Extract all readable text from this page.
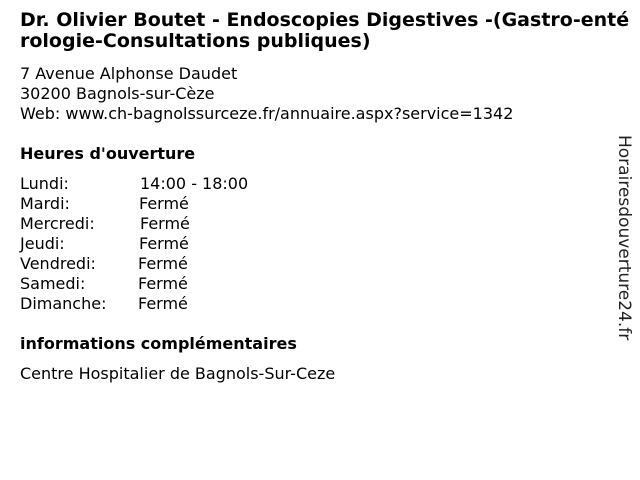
Dr. Olivier Boutet - Endoscopies Digestives -(Gastro-entérologie-Consultations publiques)
7 Avenue Alphonse Daudet
30200 Bagnols-sur-Cèze
Web: www.ch-bagnolssurceze.fr/annuaire.aspx?service=1342
Heures d'ouverture
Lundi:	14:00 - 18:00
Mardi:	Fermé
Mercredi:	Fermé
Jeudi:	Fermé
Vendredi:	Fermé
Samedi:	Fermé
Dimanche: Fermé
informations complémentaires
Centre Hospitalier de Bagnols-Sur-Ceze
Horairesdouverture24.fr
